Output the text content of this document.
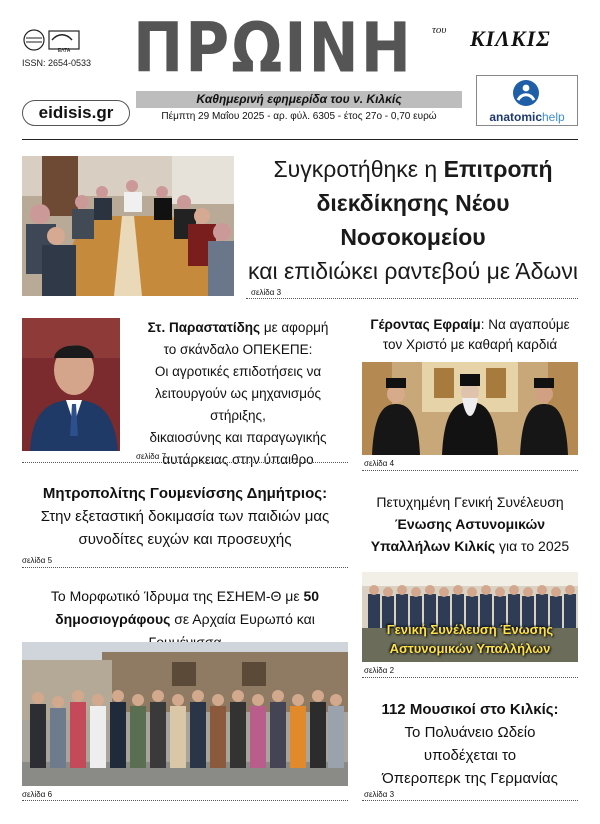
ΕΛΤΑ
ISSN: 2654-0533 ΠΡΩΙΝΗ	του ΚΙΛΚΙΣ
Καθημερινή εφημερίδα του ν. Κιλκίς
eidisis.gr	Πέμπτη 29 Μαΐου 2025 - αρ. φύλ. 6305 - έτος 27ο - 0,70 ευρώ	anatomichelp
Συγκροτήθηκε η Επιτροπή
διεκδίκησης Νέου Νοσοκομείου
και επιδιώκει ραντεβού με Άδωνι
σελίδα 3
Στ. Παραστατίδης με αφορμή
το σκάνδαλο ΟΠΕΚΕΠΕ:
Οι αγροτικές επιδοτήσεις να
λειτουργούν ως μηχανισμός στήριξης,
δικαιοσύνης και παραγωγικής
αυτάρκειας στην ύπαιθρο
σελίδα 7
Γέροντας Εφραίμ: Να αγαπούμε
τον Χριστό με καθαρή καρδιά
σελίδα 4
Μητροπολίτης Γουμενίσσης Δημήτριος:
Στην εξεταστική δοκιμασία των παιδιών μας
συνοδίτες ευχών και προσευχής
σελίδα 5
Πετυχημένη Γενική Συνέλευση
Ένωσης Αστυνομικών
Υπαλλήλων Κιλκίς για το 2025
Γενική Συνέλευση Ένωσης
Αστυνομικών Υπαλλήλων
σελίδα 2
Το Μορφωτικό Ίδρυμα της ΕΣΗΕΜ-Θ με 50
δημοσιογράφους σε Αρχαία Ευρωπό και
σελίδα 6
112 Μουσικοί στο Κιλκίς:
Το Πολυάνειο Ωδείο
υποδέχεται το
Όπεροπερκ της Γερμανίας
σελίδα 3
